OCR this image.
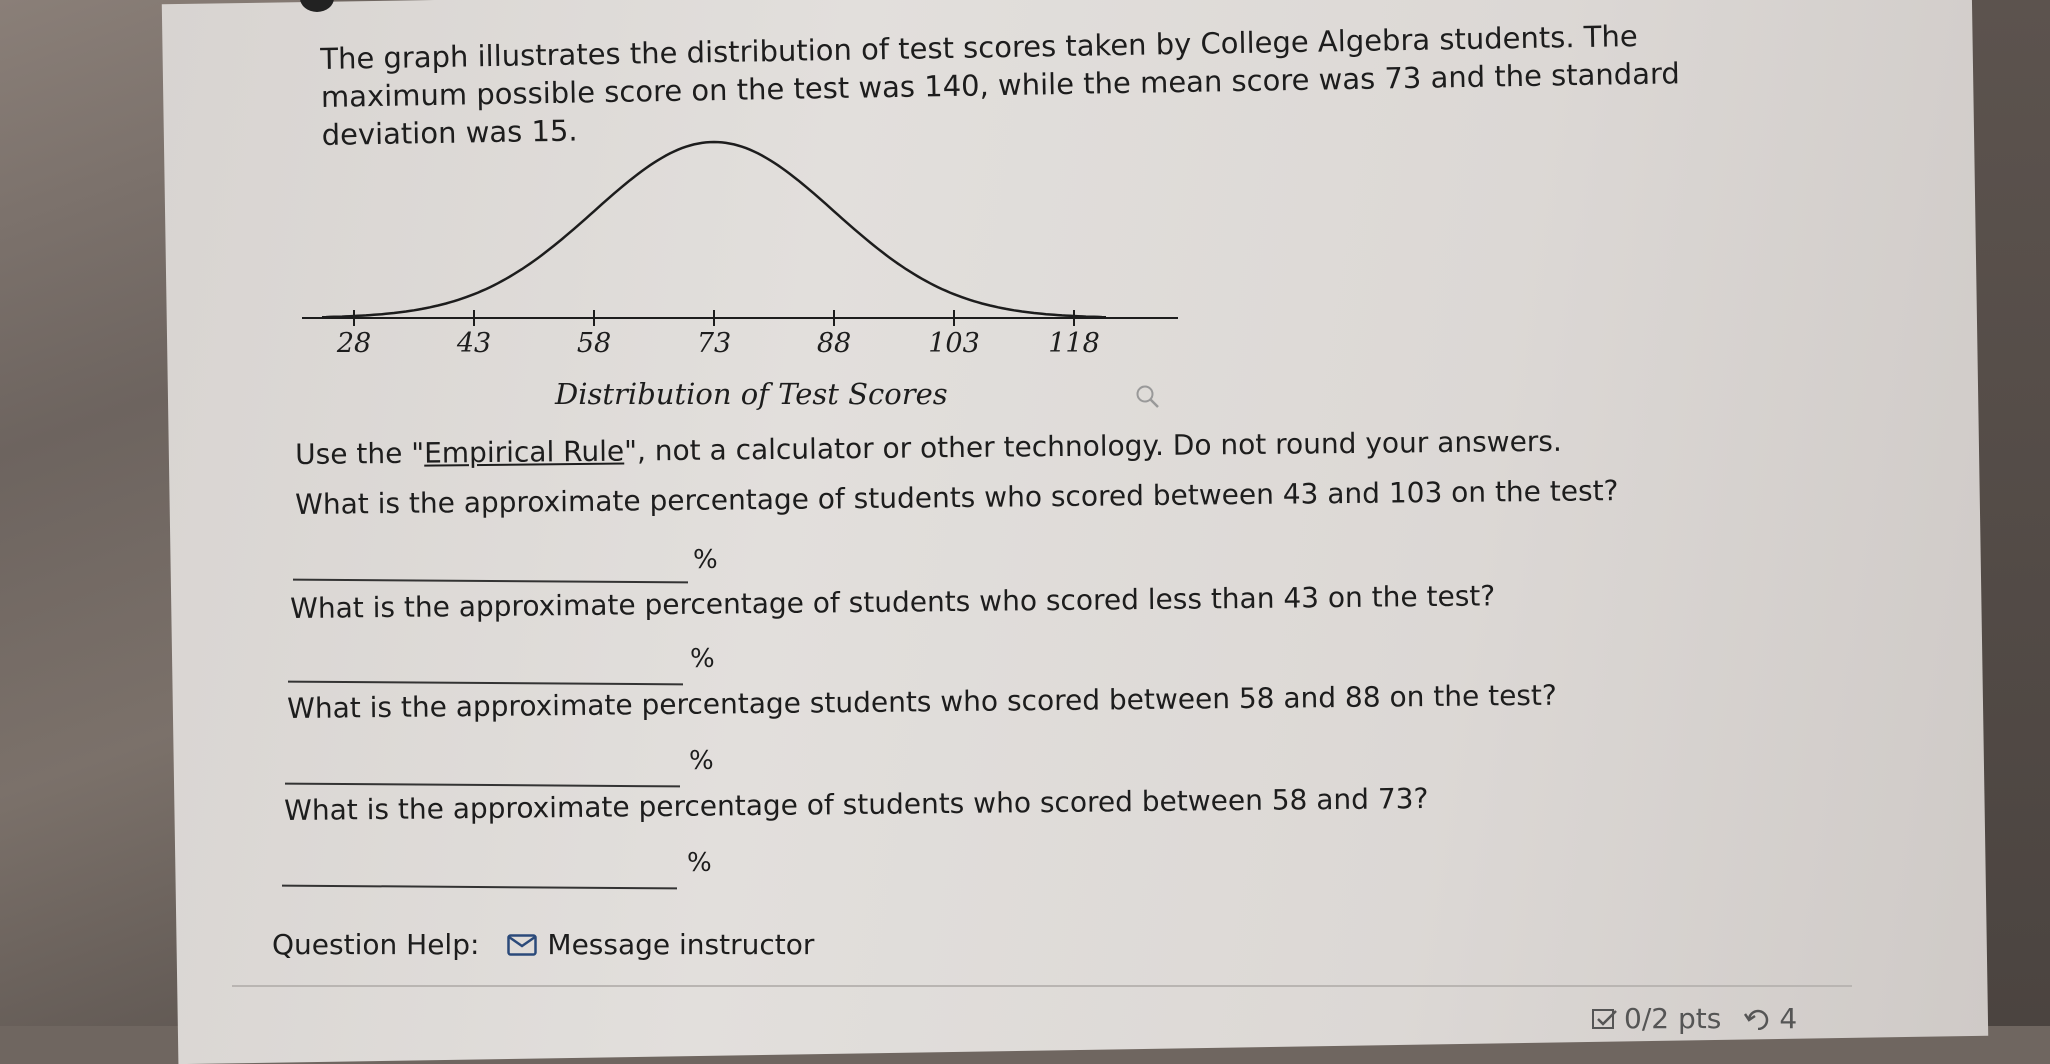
The graph illustrates the distribution of test scores taken by College Algebra students. The maximum possible score on the test was 140, while the mean score was 73 and the standard deviation was 15.
28	43	58	73	88	103	118
Distribution of Test Scores
Use the "Empirical Rule", not a calculator or other technology. Do not round your answers.
What is the approximate percentage of students who scored between 43 and 103 on the test?
%
What is the approximate percentage of students who scored less than 43 on the test?
%
What is the approximate percentage students who scored between 58 and 88 on the test?
%
What is the approximate percentage of students who scored between 58 and 73?
%
Question Help: Message instructor
0/2 pts 4
